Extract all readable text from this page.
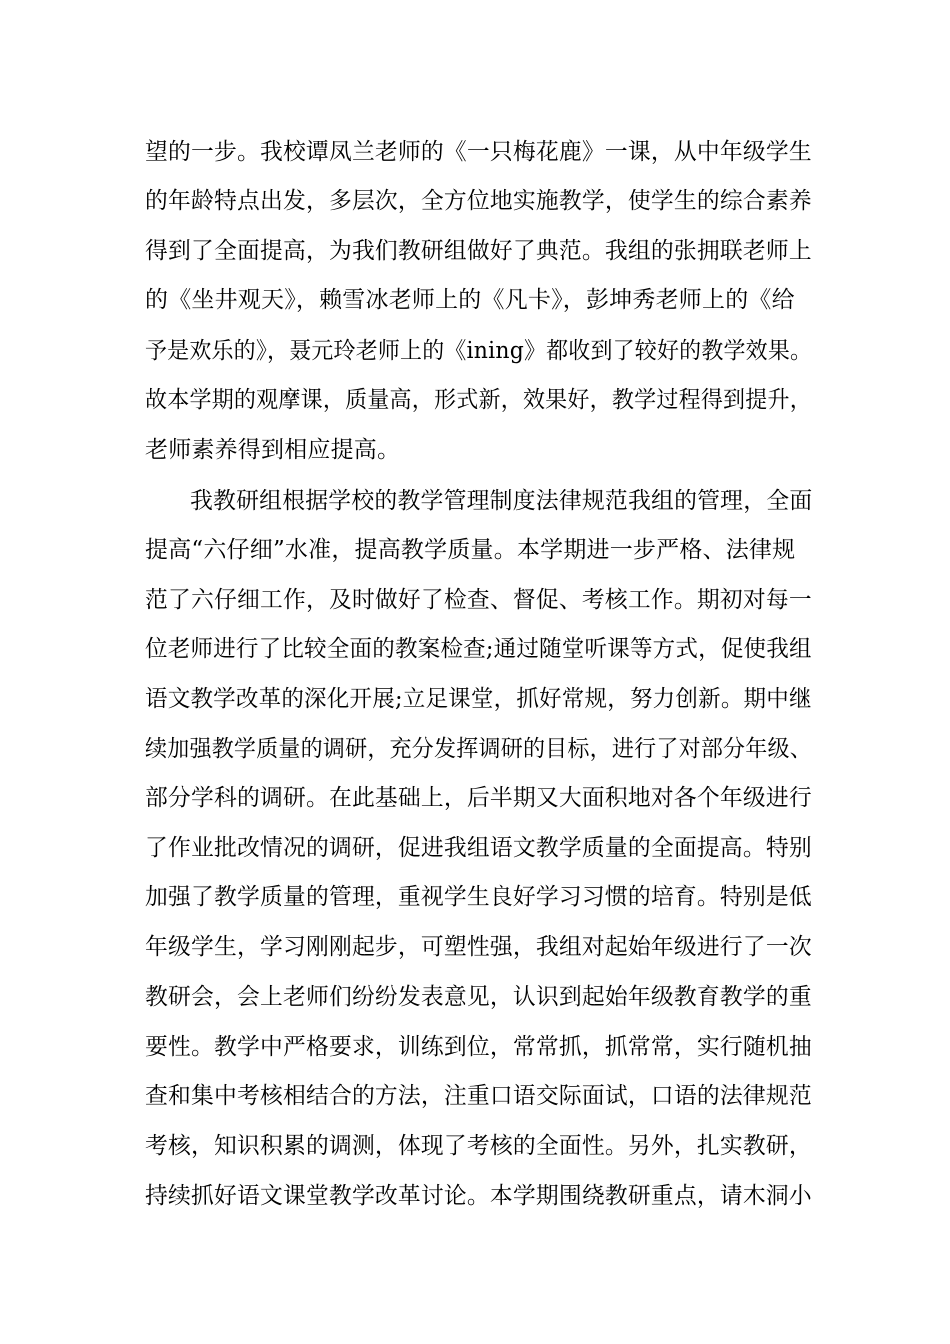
望的一步。我校谭凤兰老师的《一只梅花鹿》一课，从中年级学生
的年龄特点出发，多层次，全方位地实施教学，使学生的综合素养
得到了全面提高，为我们教研组做好了典范。我组的张拥联老师上
的《坐井观天》，赖雪冰老师上的《凡卡》，彭坤秀老师上的《给
予是欢乐的》，聂元玲老师上的《ining》都收到了较好的教学效果。
故本学期的观摩课，质量高，形式新，效果好，教学过程得到提升，
老师素养得到相应提高。
我教研组根据学校的教学管理制度法律规范我组的管理，全面
提高“六仔细”水准，提高教学质量。本学期进一步严格、法律规
范了六仔细工作，及时做好了检查、督促、考核工作。期初对每一
位老师进行了比较全面的教案检查;通过随堂听课等方式，促使我组
语文教学改革的深化开展;立足课堂，抓好常规，努力创新。期中继
续加强教学质量的调研，充分发挥调研的目标，进行了对部分年级、
部分学科的调研。在此基础上，后半期又大面积地对各个年级进行
了作业批改情况的调研，促进我组语文教学质量的全面提高。特别
加强了教学质量的管理，重视学生良好学习习惯的培育。特别是低
年级学生，学习刚刚起步，可塑性强，我组对起始年级进行了一次
教研会，会上老师们纷纷发表意见，认识到起始年级教育教学的重
要性。教学中严格要求，训练到位，常常抓，抓常常，实行随机抽
查和集中考核相结合的方法，注重口语交际面试，口语的法律规范
考核，知识积累的调测，体现了考核的全面性。另外，扎实教研，
持续抓好语文课堂教学改革讨论。本学期围绕教研重点，请木洞小
